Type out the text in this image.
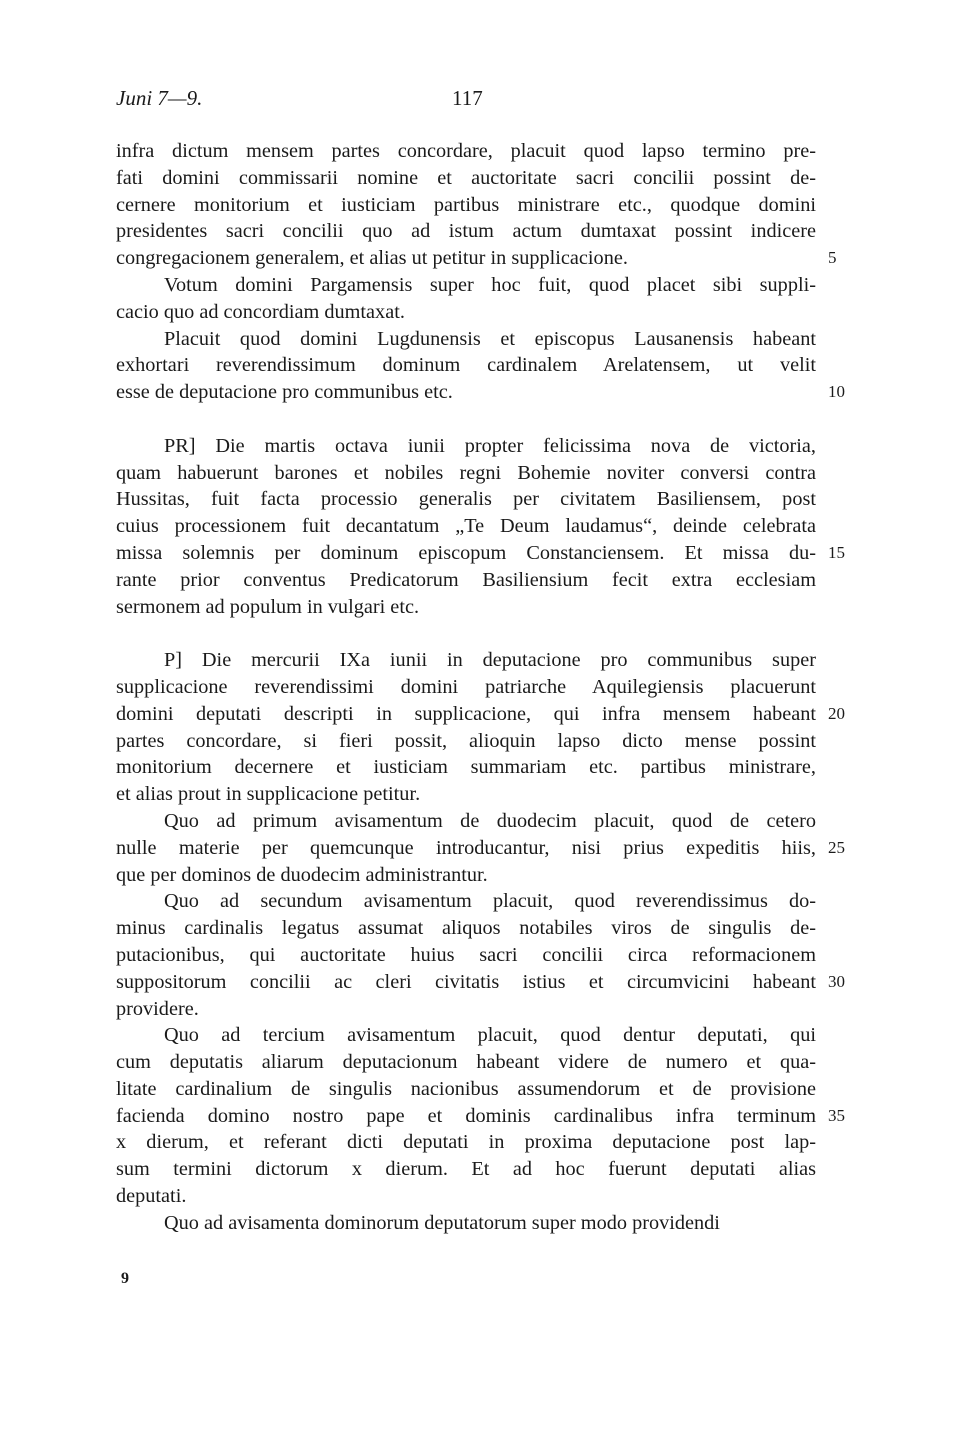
Juni 7—9.	117
infra dictum mensem partes concordare, placuit quod lapso termino pre-
fati domini commissarii nomine et auctoritate sacri concilii possint de-
cernere monitorium et iusticiam partibus ministrare etc., quodque domini
presidentes sacri concilii quo ad istum actum dumtaxat possint indicere
congregacionem generalem, et alias ut petitur in supplicacione.	5
Votum domini Pargamensis super hoc fuit, quod placet sibi suppli-
cacio quo ad concordiam dumtaxat.
Placuit quod domini Lugdunensis et episcopus Lausanensis habeant
exhortari reverendissimum dominum cardinalem Arelatensem, ut velit
esse de deputacione pro communibus etc.	10
PR] Die martis octava iunii propter felicissima nova de victoria,
quam habuerunt barones et nobiles regni Bohemie noviter conversi contra
Hussitas, fuit facta processio generalis per civitatem Basiliensem, post
cuius processionem fuit decantatum „Te Deum laudamus“, deinde celebrata
missa solemnis per dominum episcopum Constanciensem. Et missa du- 15
rante prior conventus Predicatorum Basiliensium fecit extra ecclesiam
sermonem ad populum in vulgari etc.
P] Die mercurii IXa iunii in deputacione pro communibus super
supplicacione reverendissimi domini patriarche Aquilegiensis placuerunt
domini deputati descripti in supplicacione, qui infra mensem habeant 20
partes concordare, si fieri possit, alioquin lapso dicto mense possint
monitorium decernere et iusticiam summariam etc. partibus ministrare,
et alias prout in supplicacione petitur.
Quo ad primum avisamentum de duodecim placuit, quod de cetero
nulle materie per quemcunque introducantur, nisi prius expeditis hiis, 25
que per dominos de duodecim administrantur.
Quo ad secundum avisamentum placuit, quod reverendissimus do-
minus cardinalis legatus assumat aliquos notabiles viros de singulis de-
putacionibus, qui auctoritate huius sacri concilii circa reformacionem
suppositorum concilii ac cleri civitatis istius et circumvicini habeant 30
providere.
Quo ad tercium avisamentum placuit, quod dentur deputati, qui
cum deputatis aliarum deputacionum habeant videre de numero et qua-
litate cardinalium de singulis nacionibus assumendorum et de provisione
facienda domino nostro pape et dominis cardinalibus infra terminum 35
x dierum, et referant dicti deputati in proxima deputacione post lap-
sum termini dictorum x dierum. Et ad hoc fuerunt deputati alias
deputati.
Quo ad avisamenta dominorum deputatorum super modo providendi
9
